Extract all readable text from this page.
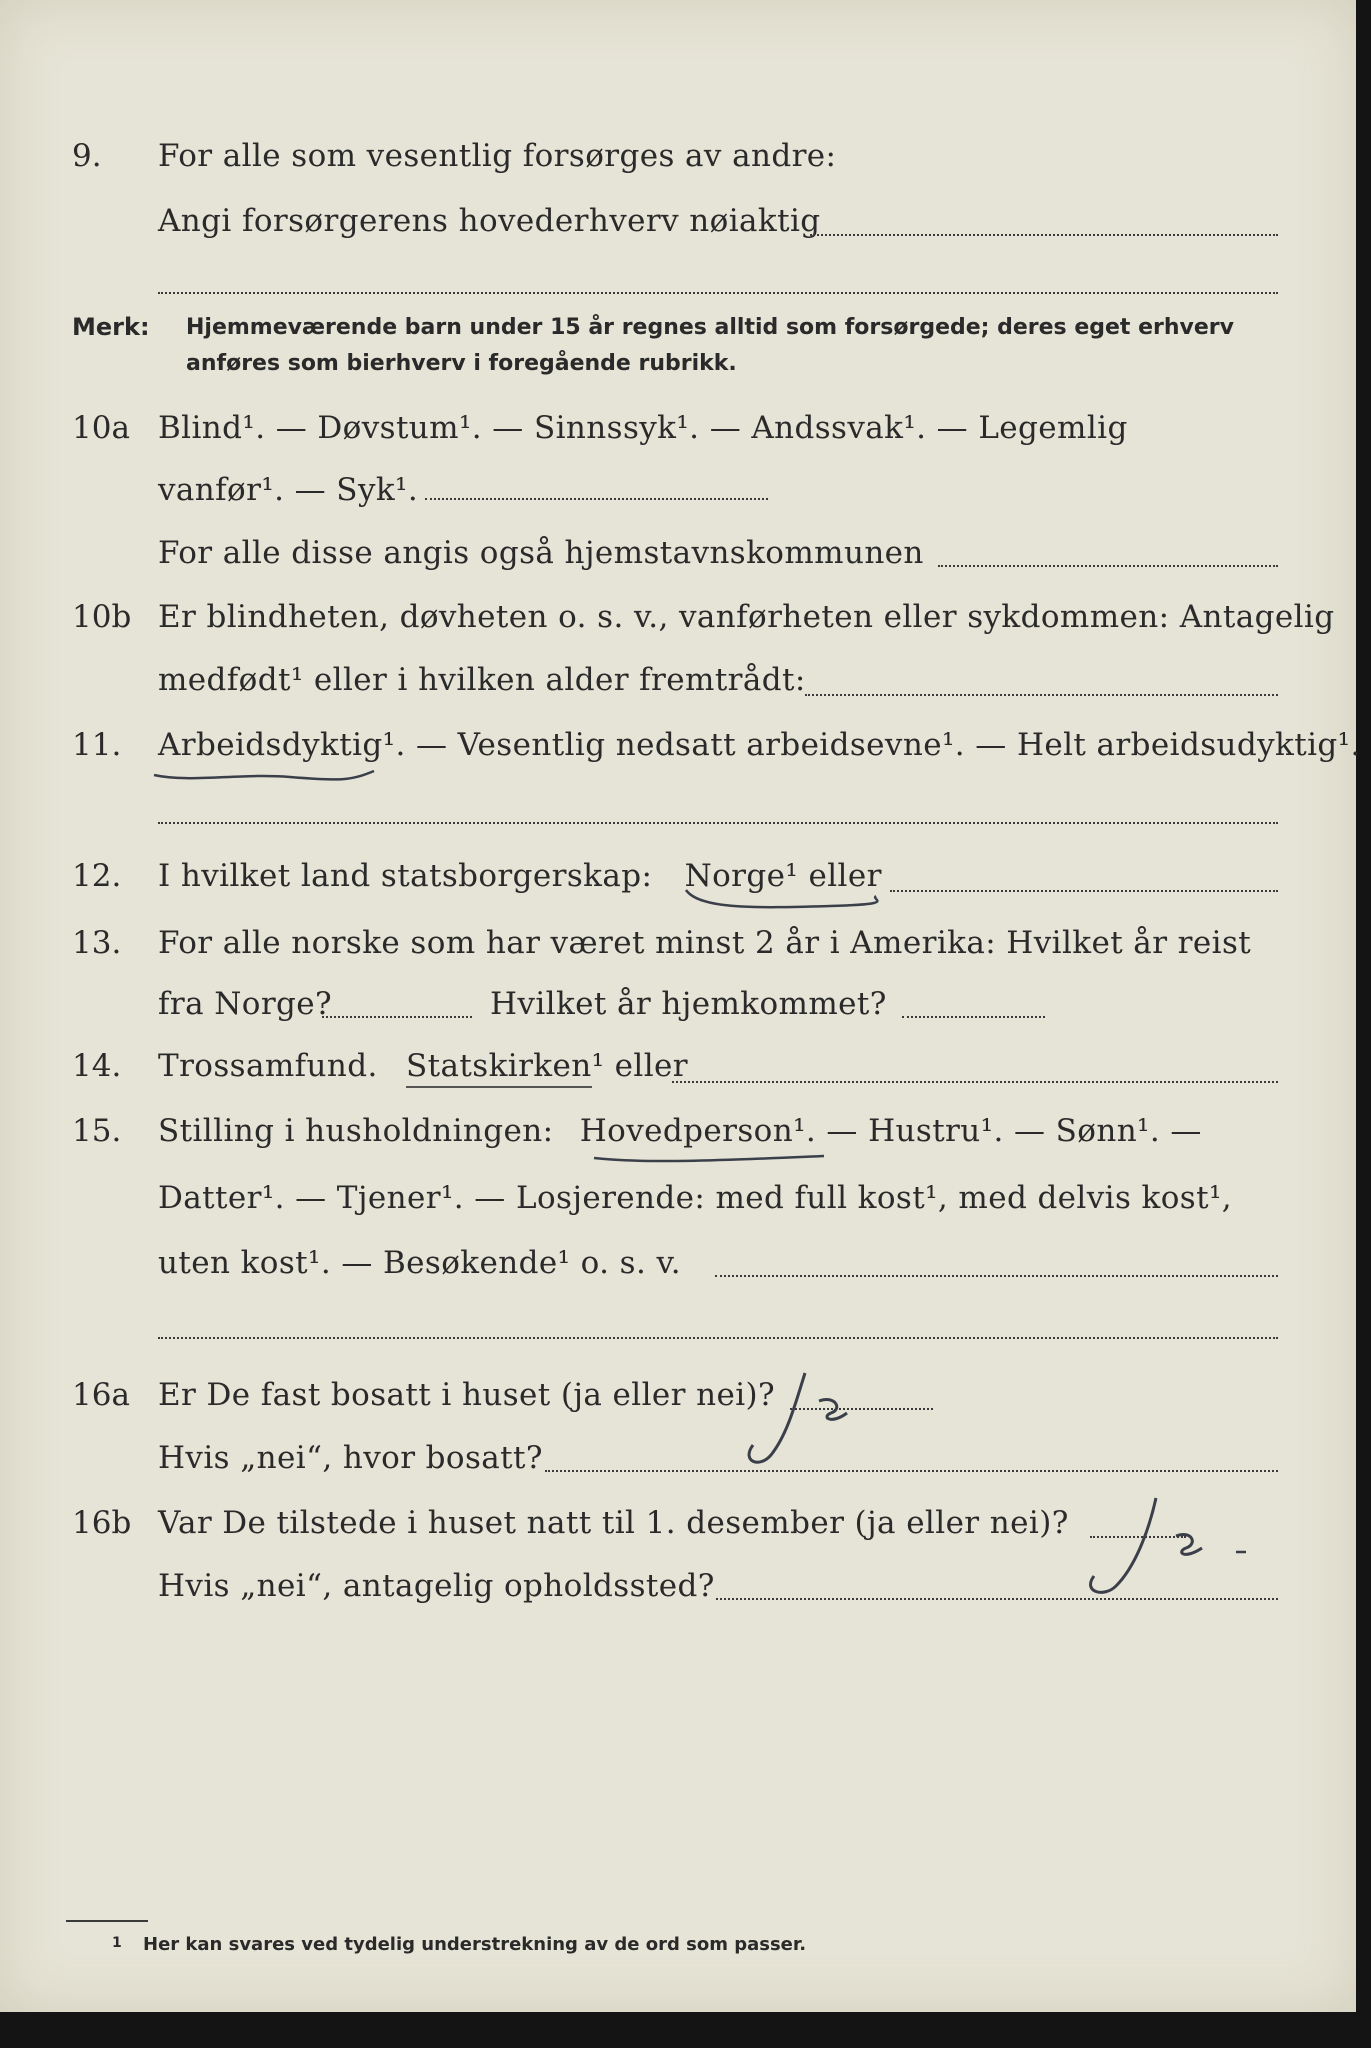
9. For alle som vesentlig forsørges av andre:
Angi forsørgerens hovederhverv nøiaktig
Merk: Hjemmeværende barn under 15 år regnes alltid som forsørgede; deres eget erhverv
anføres som bierhverv i foregående rubrikk.
10a Blind¹. — Døvstum¹. — Sinnssyk¹. — Andssvak¹. — Legemlig
vanfør¹. — Syk¹.
For alle disse angis også hjemstavnskommunen
10b Er blindheten, døvheten o. s. v., vanførheten eller sykdommen: Antagelig
medfødt¹ eller i hvilken alder fremtrådt:
11. Arbeidsdyktig¹. — Vesentlig nedsatt arbeidsevne¹. — Helt arbeidsudyktig¹.
12. I hvilket land statsborgerskap: Norge¹ eller
13. For alle norske som har været minst 2 år i Amerika: Hvilket år reist
fra Norge?	Hvilket år hjemkommet?
14. Trossamfund. Statskirken¹ eller
15. Stilling i husholdningen: Hovedperson¹. — Hustru¹. — Sønn¹. —
Datter¹. — Tjener¹. — Losjerende: med full kost¹, med delvis kost¹,
uten kost¹. — Besøkende¹ o. s. v.
16a Er De fast bosatt i huset (ja eller nei)?
Hvis „nei“, hvor bosatt?
16b Var De tilstede i huset natt til 1. desember (ja eller nei)?
Hvis „nei“, antagelig opholdssted?
1 Her kan svares ved tydelig understrekning av de ord som passer.
